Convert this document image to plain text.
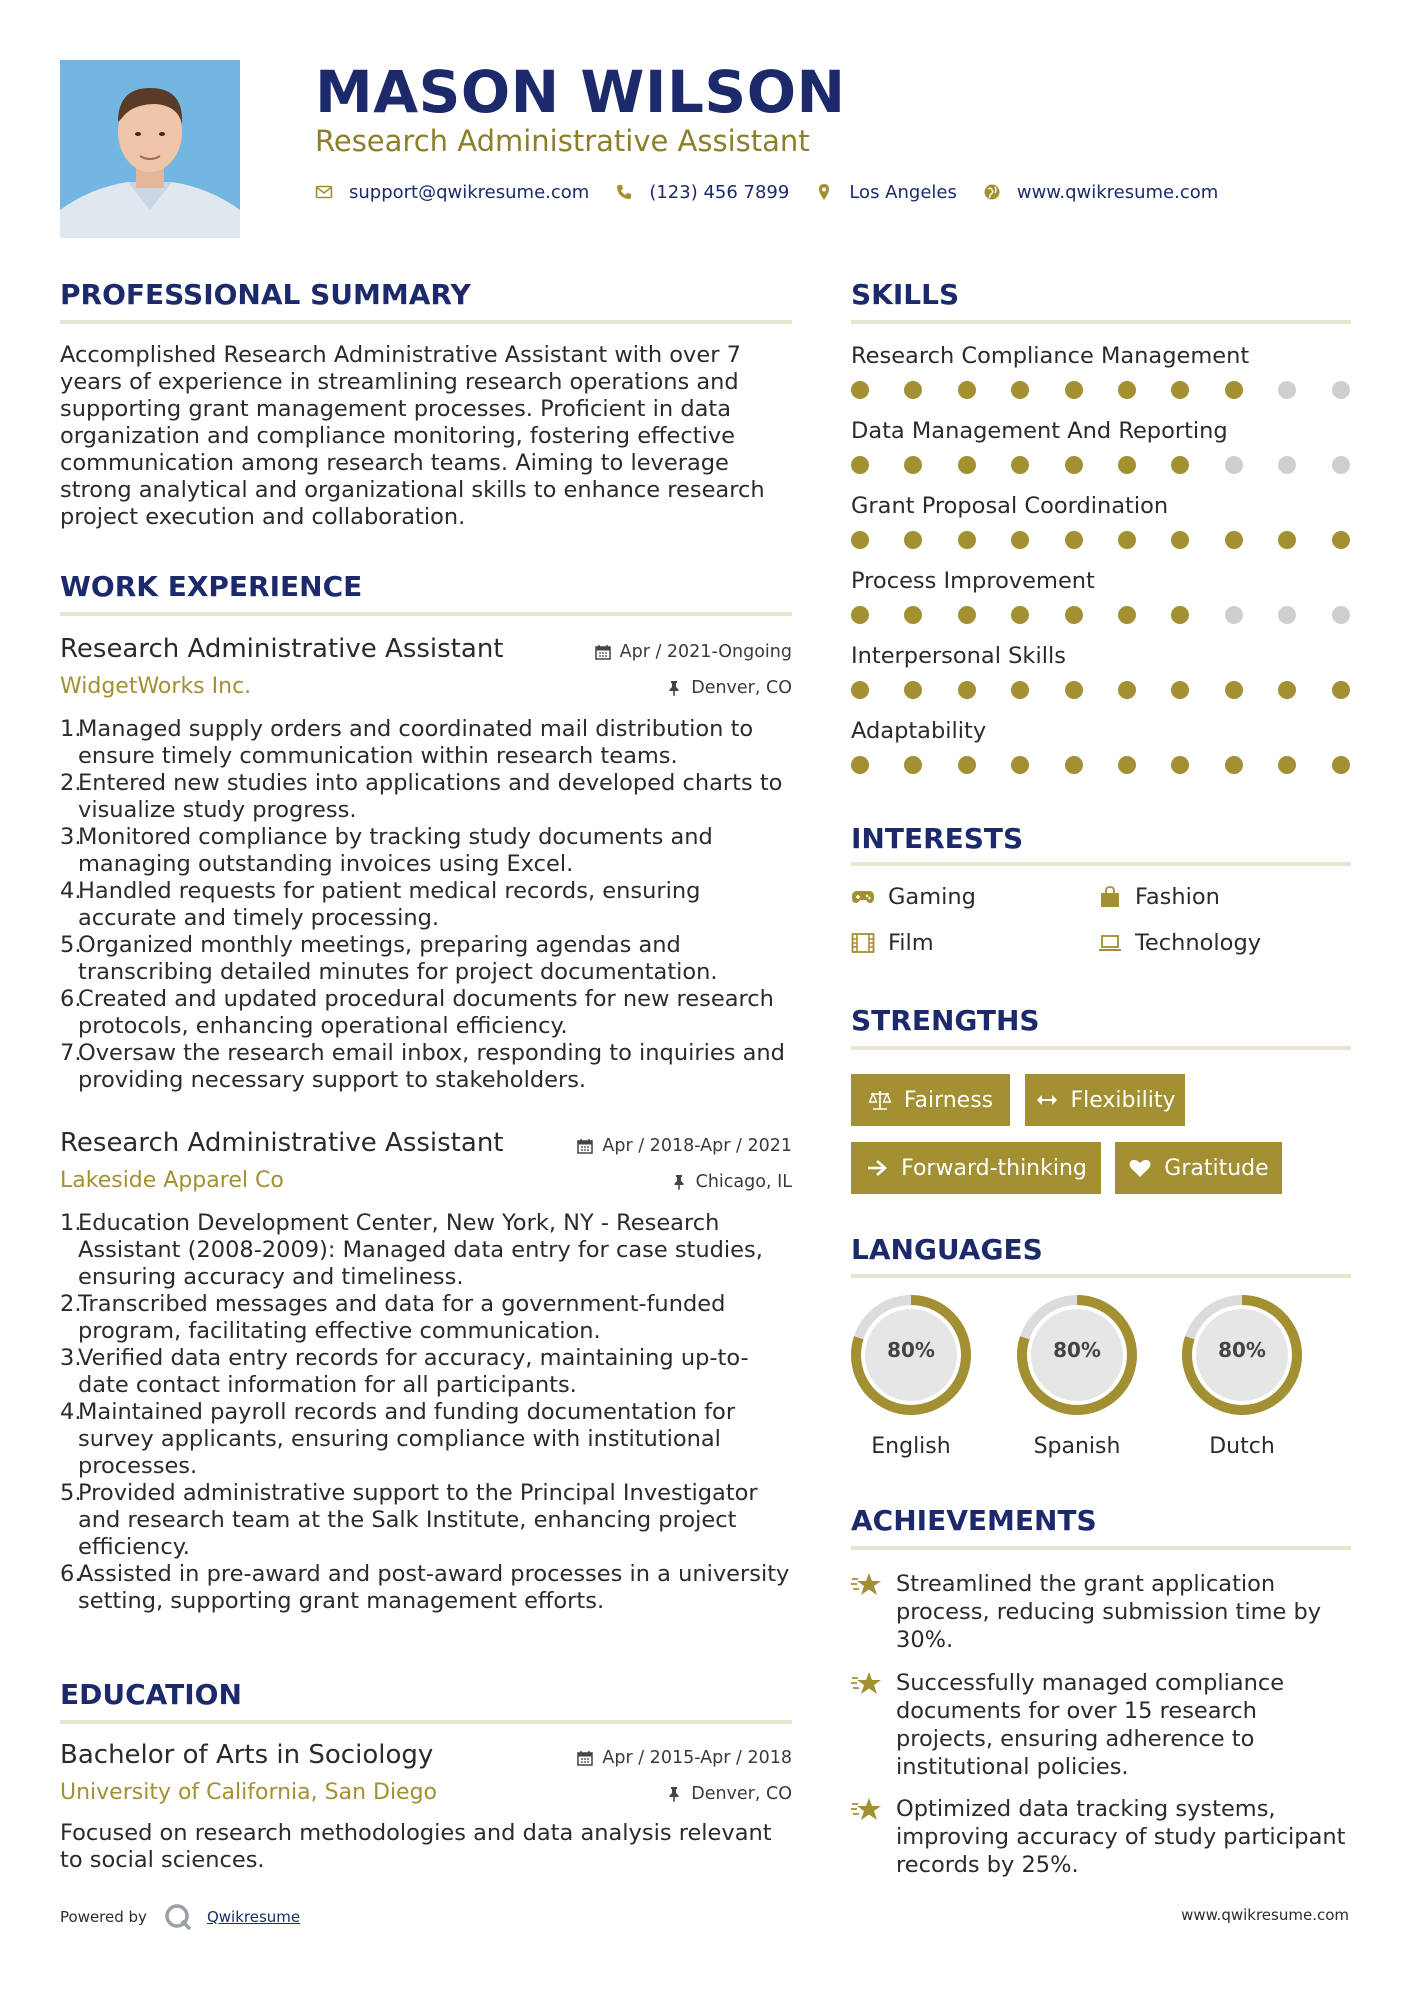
MASON WILSON
Research Administrative Assistant
support@qwikresume.com	(123) 456 7899	Los Angeles	www.qwikresume.com
PROFESSIONAL SUMMARY
Accomplished Research Administrative Assistant with over 7 years of experience in streamlining research operations and supporting grant management processes. Proficient in data organization and compliance monitoring, fostering effective communication among research teams. Aiming to leverage strong analytical and organizational skills to enhance research project execution and collaboration.
WORK EXPERIENCE
Research Administrative Assistant	Apr / 2021-Ongoing
WidgetWorks Inc.	Denver, CO
1.
Managed supply orders and coordinated mail distribution to ensure timely communication within research teams.
2.
Entered new studies into applications and developed charts to visualize study progress.
3.
Monitored compliance by tracking study documents and managing outstanding invoices using Excel.
4.
Handled requests for patient medical records, ensuring accurate and timely processing.
5.
Organized monthly meetings, preparing agendas and transcribing detailed minutes for project documentation.
6.
Created and updated procedural documents for new research protocols, enhancing operational efficiency.
7.
Oversaw the research email inbox, responding to inquiries and providing necessary support to stakeholders.
Research Administrative Assistant	Apr / 2018-Apr / 2021
Lakeside Apparel Co	Chicago, IL
1.
Education Development Center, New York, NY - Research Assistant (2008-2009): Managed data entry for case studies, ensuring accuracy and timeliness.
2.
Transcribed messages and data for a government-funded program, facilitating effective communication.
3.
Verified data entry records for accuracy, maintaining up-to-date contact information for all participants.
4.
Maintained payroll records and funding documentation for survey applicants, ensuring compliance with institutional processes.
5.
Provided administrative support to the Principal Investigator and research team at the Salk Institute, enhancing project efficiency.
6.
Assisted in pre-award and post-award processes in a university setting, supporting grant management efforts.
EDUCATION
Bachelor of Arts in Sociology	Apr / 2015-Apr / 2018
University of California, San Diego	Denver, CO
Focused on research methodologies and data analysis relevant to social sciences.
SKILLS
Research Compliance Management
Data Management And Reporting
Grant Proposal Coordination
Process Improvement
Interpersonal Skills
Adaptability
INTERESTS
Gaming	Fashion
Film	Technology
STRENGTHS
Fairness	Flexibility
Forward-thinking	Gratitude
LANGUAGES
80%
English
80%
Spanish
80%
Dutch
ACHIEVEMENTS
Streamlined the grant application process, reducing submission time by 30%.
Successfully managed compliance documents for over 15 research projects, ensuring adherence to institutional policies.
Optimized data tracking systems, improving accuracy of study participant records by 25%.
Powered by	Qwikresume	www.qwikresume.com
